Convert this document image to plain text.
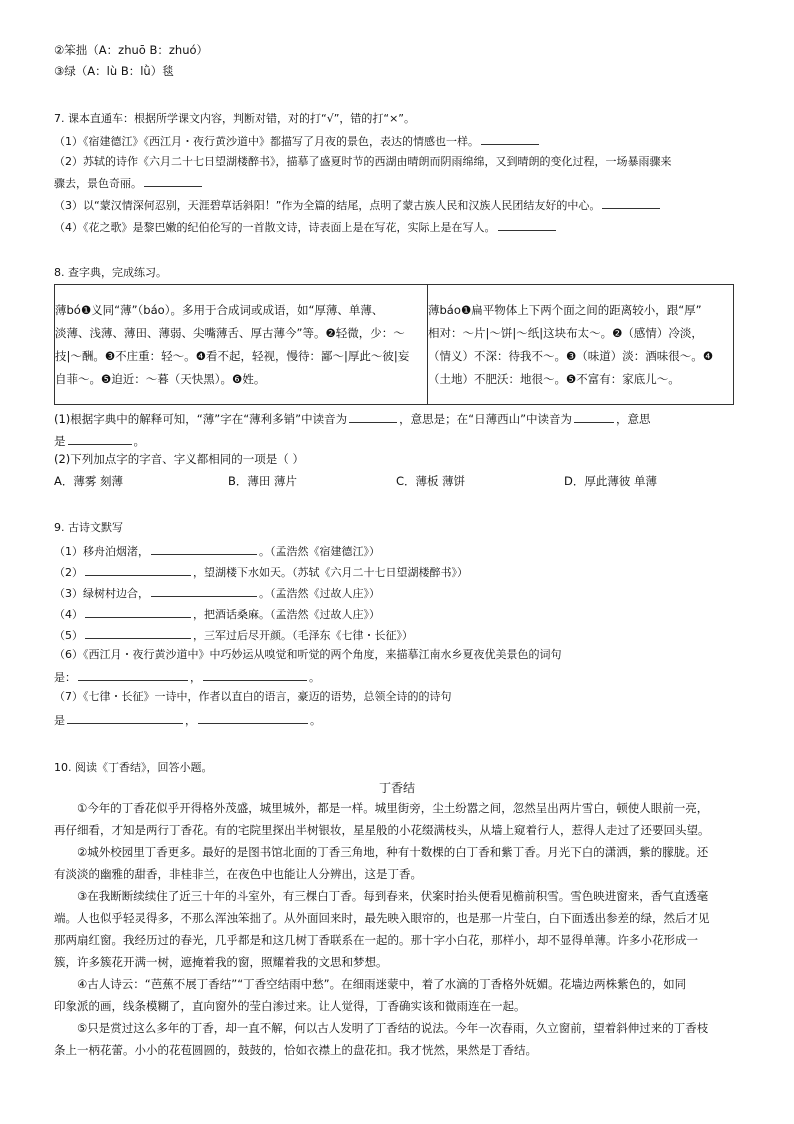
②笨拙（A：zhuō B：zhuó）
③绿（A：lù B：lǜ）毯
7. 课本直通车：根据所学课文内容，判断对错，对的打“√”，错的打“×”。
（1）《宿建德江》《西江月・夜行黄沙道中》都描写了月夜的景色，表达的情感也一样。
（2）苏轼的诗作《六月二十七日望湖楼醉书》，描摹了盛夏时节的西湖由晴朗而阴雨绵绵，又到晴朗的变化过程，一场暴雨骤来
骤去，景色奇丽。
（3）以“蒙汉情深何忍别，天涯碧草话斜阳！”作为全篇的结尾，点明了蒙古族人民和汉族人民团结友好的中心。
（4）《花之歌》是黎巴嫩的纪伯伦写的一首散文诗，诗表面上是在写花，实际上是在写人。
8. 查字典，完成练习。
薄bó❶义同“薄”（báo）。多用于合成词或成语，如“厚薄、单薄、
淡薄、浅薄、薄田、薄弱、尖嘴薄舌、厚古薄今”等。❷轻微，少：～
技|～酬。❸不庄重：轻～。❹看不起，轻视，慢待：鄙～|厚此～彼|妄
自菲～。❺迫近：～暮（天快黑）。❻姓。
薄báo❶扁平物体上下两个面之间的距离较小，跟“厚”
相对：～片|～饼|～纸|这块布太～。❷（感情）冷淡，
（情义）不深：待我不～。❸（味道）淡：酒味很～。❹
（土地）不肥沃：地很～。❺不富有：家底儿～。
(1)根据字典中的解释可知，“薄”字在“薄利多销”中读音为	，意思是；在“日薄西山”中读音为	，意思
是	。
(2)下列加点字的字音、字义都相同的一项是（ ）
A．薄雾 刻薄	B．薄田 薄片	C．薄板 薄饼	D．厚此薄彼 单薄
9. 古诗文默写
（1）移舟泊烟渚，	。（孟浩然《宿建德江》）
（2）	，望湖楼下水如天。（苏轼《六月二十七日望湖楼醉书》）
（3）绿树村边合，	。（孟浩然《过故人庄》）
（4）	，把酒话桑麻。（孟浩然《过故人庄》）
（5）	，三军过后尽开颜。（毛泽东《七律・长征》）
（6）《西江月・夜行黄沙道中》中巧妙运从嗅觉和听觉的两个角度，来描摹江南水乡夏夜优美景色的词句
是：	，	。
（7）《七律・长征》一诗中，作者以直白的语言，豪迈的语势，总领全诗的的诗句
是	，	。
10. 阅读《丁香结》，回答小题。
丁香结
　　①今年的丁香花似乎开得格外茂盛，城里城外，都是一样。城里街旁，尘土纷嚣之间，忽然呈出两片雪白，顿使人眼前一亮，
再仔细看，才知是两行丁香花。有的宅院里探出半树银妆，星星般的小花缀满枝头，从墙上窥着行人，惹得人走过了还要回头望。
　　②城外校园里丁香更多。最好的是图书馆北面的丁香三角地，种有十数棵的白丁香和紫丁香。月光下白的潇洒，紫的朦胧。还
有淡淡的幽雅的甜香，非桂非兰，在夜色中也能让人分辨出，这是丁香。
　　③在我断断续续住了近三十年的斗室外，有三棵白丁香。每到春来，伏案时抬头便看见檐前积雪。雪色映进窗来，香气直透毫
端。人也似乎轻灵得多，不那么浑浊笨拙了。从外面回来时，最先映入眼帘的，也是那一片莹白，白下面透出参差的绿，然后才见
那两扇红窗。我经历过的春光，几乎都是和这几树丁香联系在一起的。那十字小白花，那样小，却不显得单薄。许多小花形成一
簇，许多簇花开满一树，遮掩着我的窗，照耀着我的文思和梦想。
　　④古人诗云：“芭蕉不展丁香结”“丁香空结雨中愁”。在细雨迷蒙中，着了水滴的丁香格外妩媚。花墙边两株紫色的，如同
印象派的画，线条模糊了，直向窗外的莹白渗过来。让人觉得，丁香确实该和微雨连在一起。
　　⑤只是赏过这么多年的丁香，却一直不解，何以古人发明了丁香结的说法。今年一次春雨，久立窗前，望着斜伸过来的丁香枝
条上一柄花蕾。小小的花苞圆圆的，鼓鼓的，恰如衣襟上的盘花扣。我才恍然，果然是丁香结。
